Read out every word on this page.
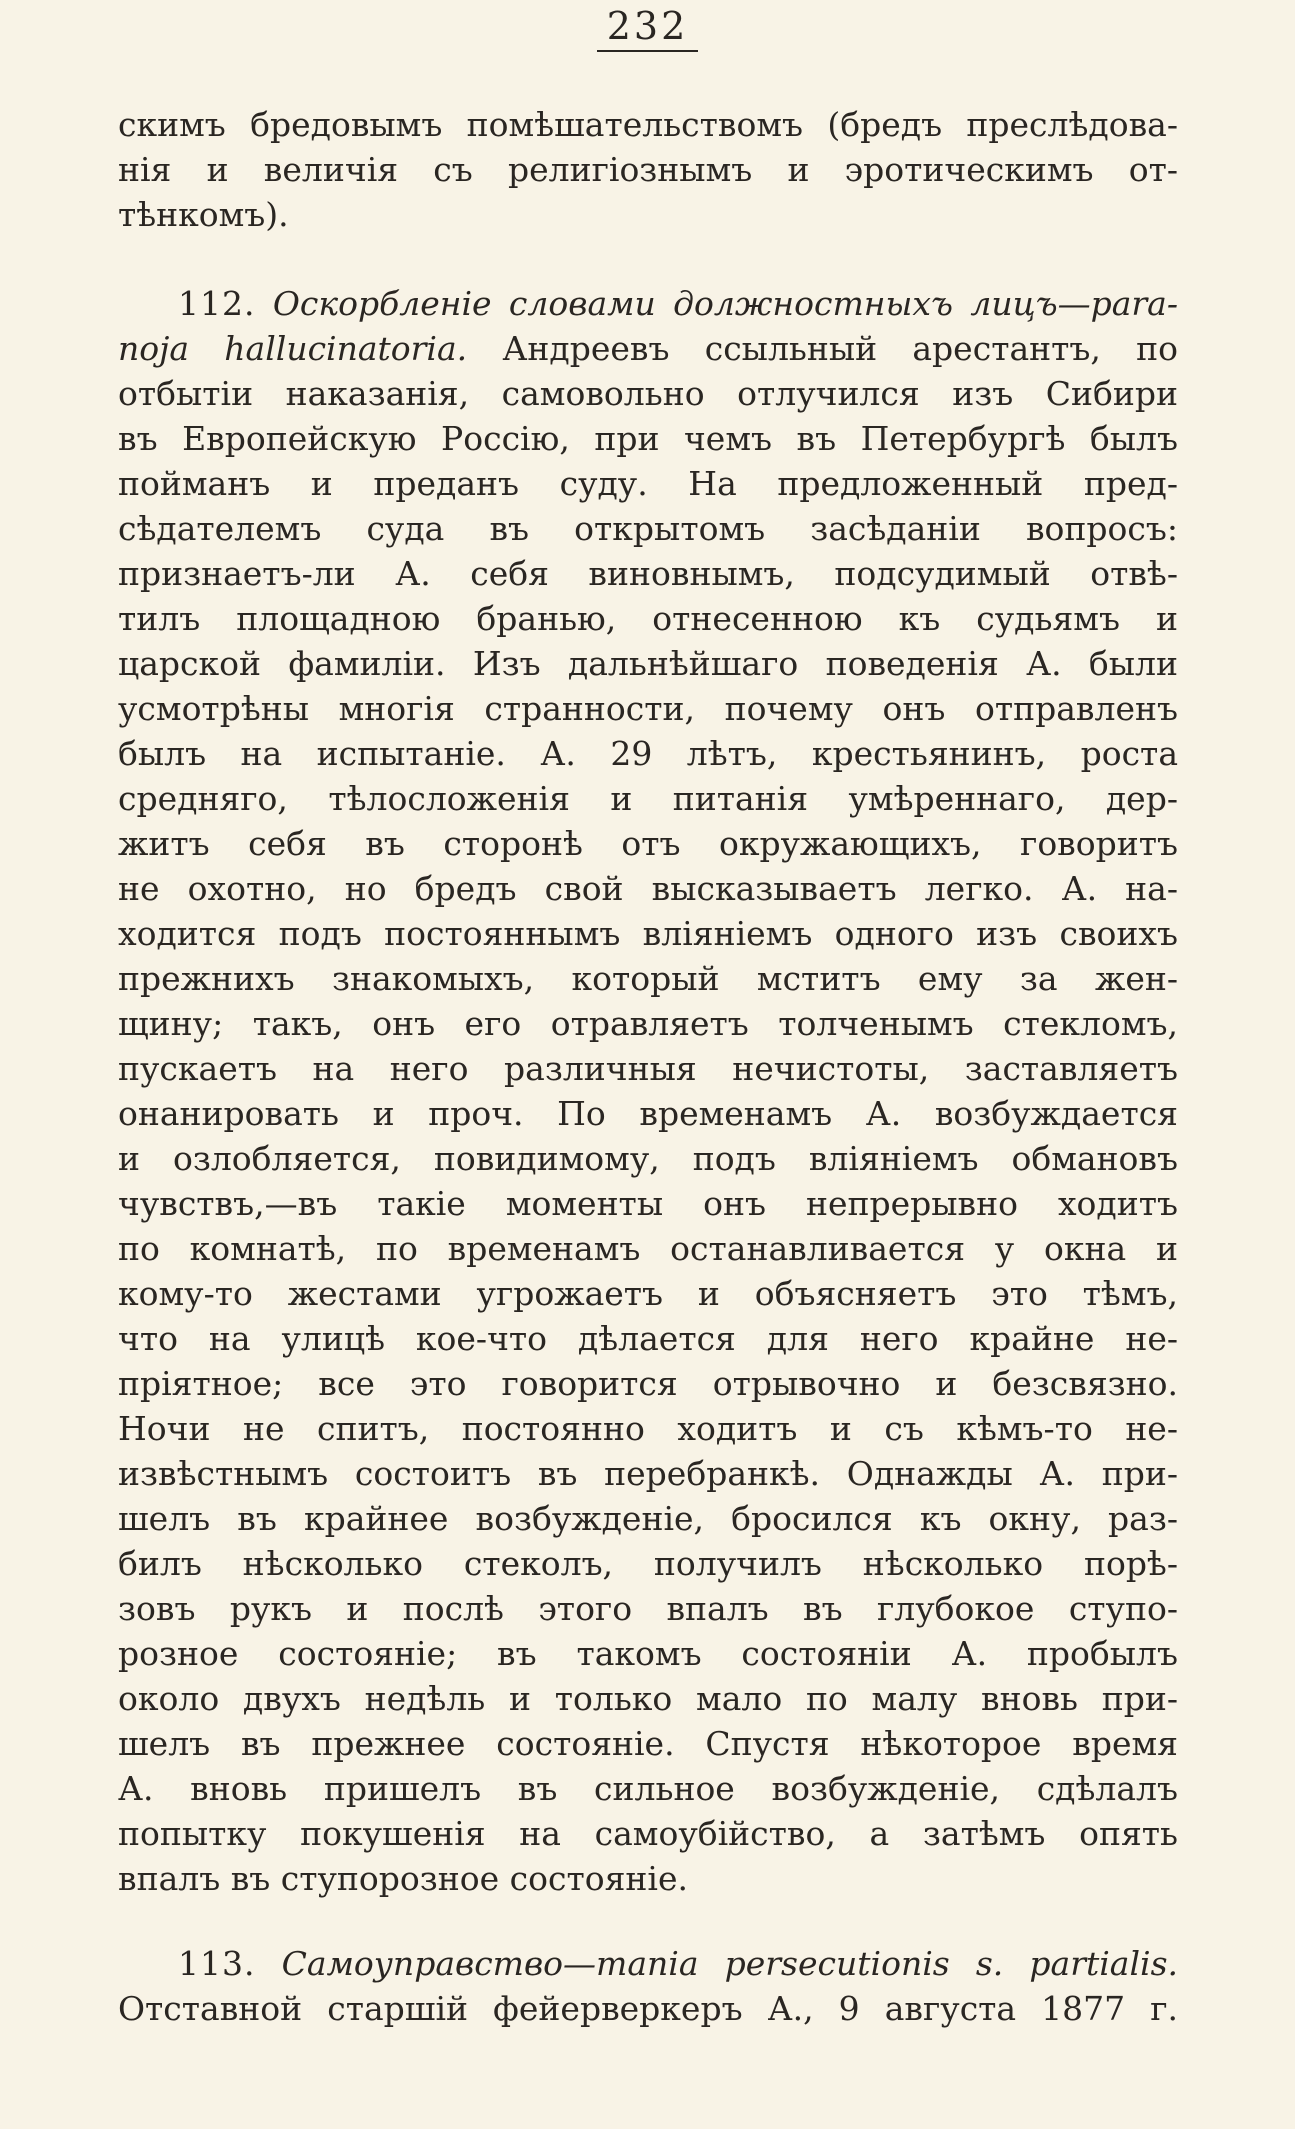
232
скимъ бредовымъ помѣшательствомъ (бредъ преслѣдова-
нія и величія съ религіознымъ и эротическимъ от-
тѣнкомъ).
112. Оскорбленіе словами должностныхъ лицъ—para-
noja hallucinatoria. Андреевъ ссыльный арестантъ, по
отбытіи наказанія, самовольно отлучился изъ Сибири
въ Европейскую Россію, при чемъ въ Петербургѣ былъ
пойманъ и преданъ суду. На предложенный пред-
сѣдателемъ суда въ открытомъ засѣданіи вопросъ:
признаетъ-ли А. себя виновнымъ, подсудимый отвѣ-
тилъ площадною бранью, отнесенною къ судьямъ и
царской фамиліи. Изъ дальнѣйшаго поведенія А. были
усмотрѣны многія странности, почему онъ отправленъ
былъ на испытаніе. А. 29 лѣтъ, крестьянинъ, роста
средняго, тѣлосложенія и питанія умѣреннаго, дер-
житъ себя въ сторонѣ отъ окружающихъ, говоритъ
не охотно, но бредъ свой высказываетъ легко. А. на-
ходится подъ постояннымъ вліяніемъ одного изъ своихъ
прежнихъ знакомыхъ, который мститъ ему за жен-
щину; такъ, онъ его отравляетъ толченымъ стекломъ,
пускаетъ на него различныя нечистоты, заставляетъ
онанировать и проч. По временамъ А. возбуждается
и озлобляется, повидимому, подъ вліяніемъ обмановъ
чувствъ,—въ такіе моменты онъ непрерывно ходитъ
по комнатѣ, по временамъ останавливается у окна и
кому-то жестами угрожаетъ и объясняетъ это тѣмъ,
что на улицѣ кое-что дѣлается для него крайне не-
пріятное; все это говорится отрывочно и безсвязно.
Ночи не спитъ, постоянно ходитъ и съ кѣмъ-то не-
извѣстнымъ состоитъ въ перебранкѣ. Однажды А. при-
шелъ въ крайнее возбужденіе, бросился къ окну, раз-
билъ нѣсколько стеколъ, получилъ нѣсколько порѣ-
зовъ рукъ и послѣ этого впалъ въ глубокое ступо-
розное состояніе; въ такомъ состояніи А. пробылъ
около двухъ недѣль и только мало по малу вновь при-
шелъ въ прежнее состояніе. Спустя нѣкоторое время
А. вновь пришелъ въ сильное возбужденіе, сдѣлалъ
попытку покушенія на самоубійство, а затѣмъ опять
впалъ въ ступорозное состояніе.
113. Самоуправство—mania persecutionis s. partialis.
Отставной старшій фейерверкеръ А., 9 августа 1877 г.
